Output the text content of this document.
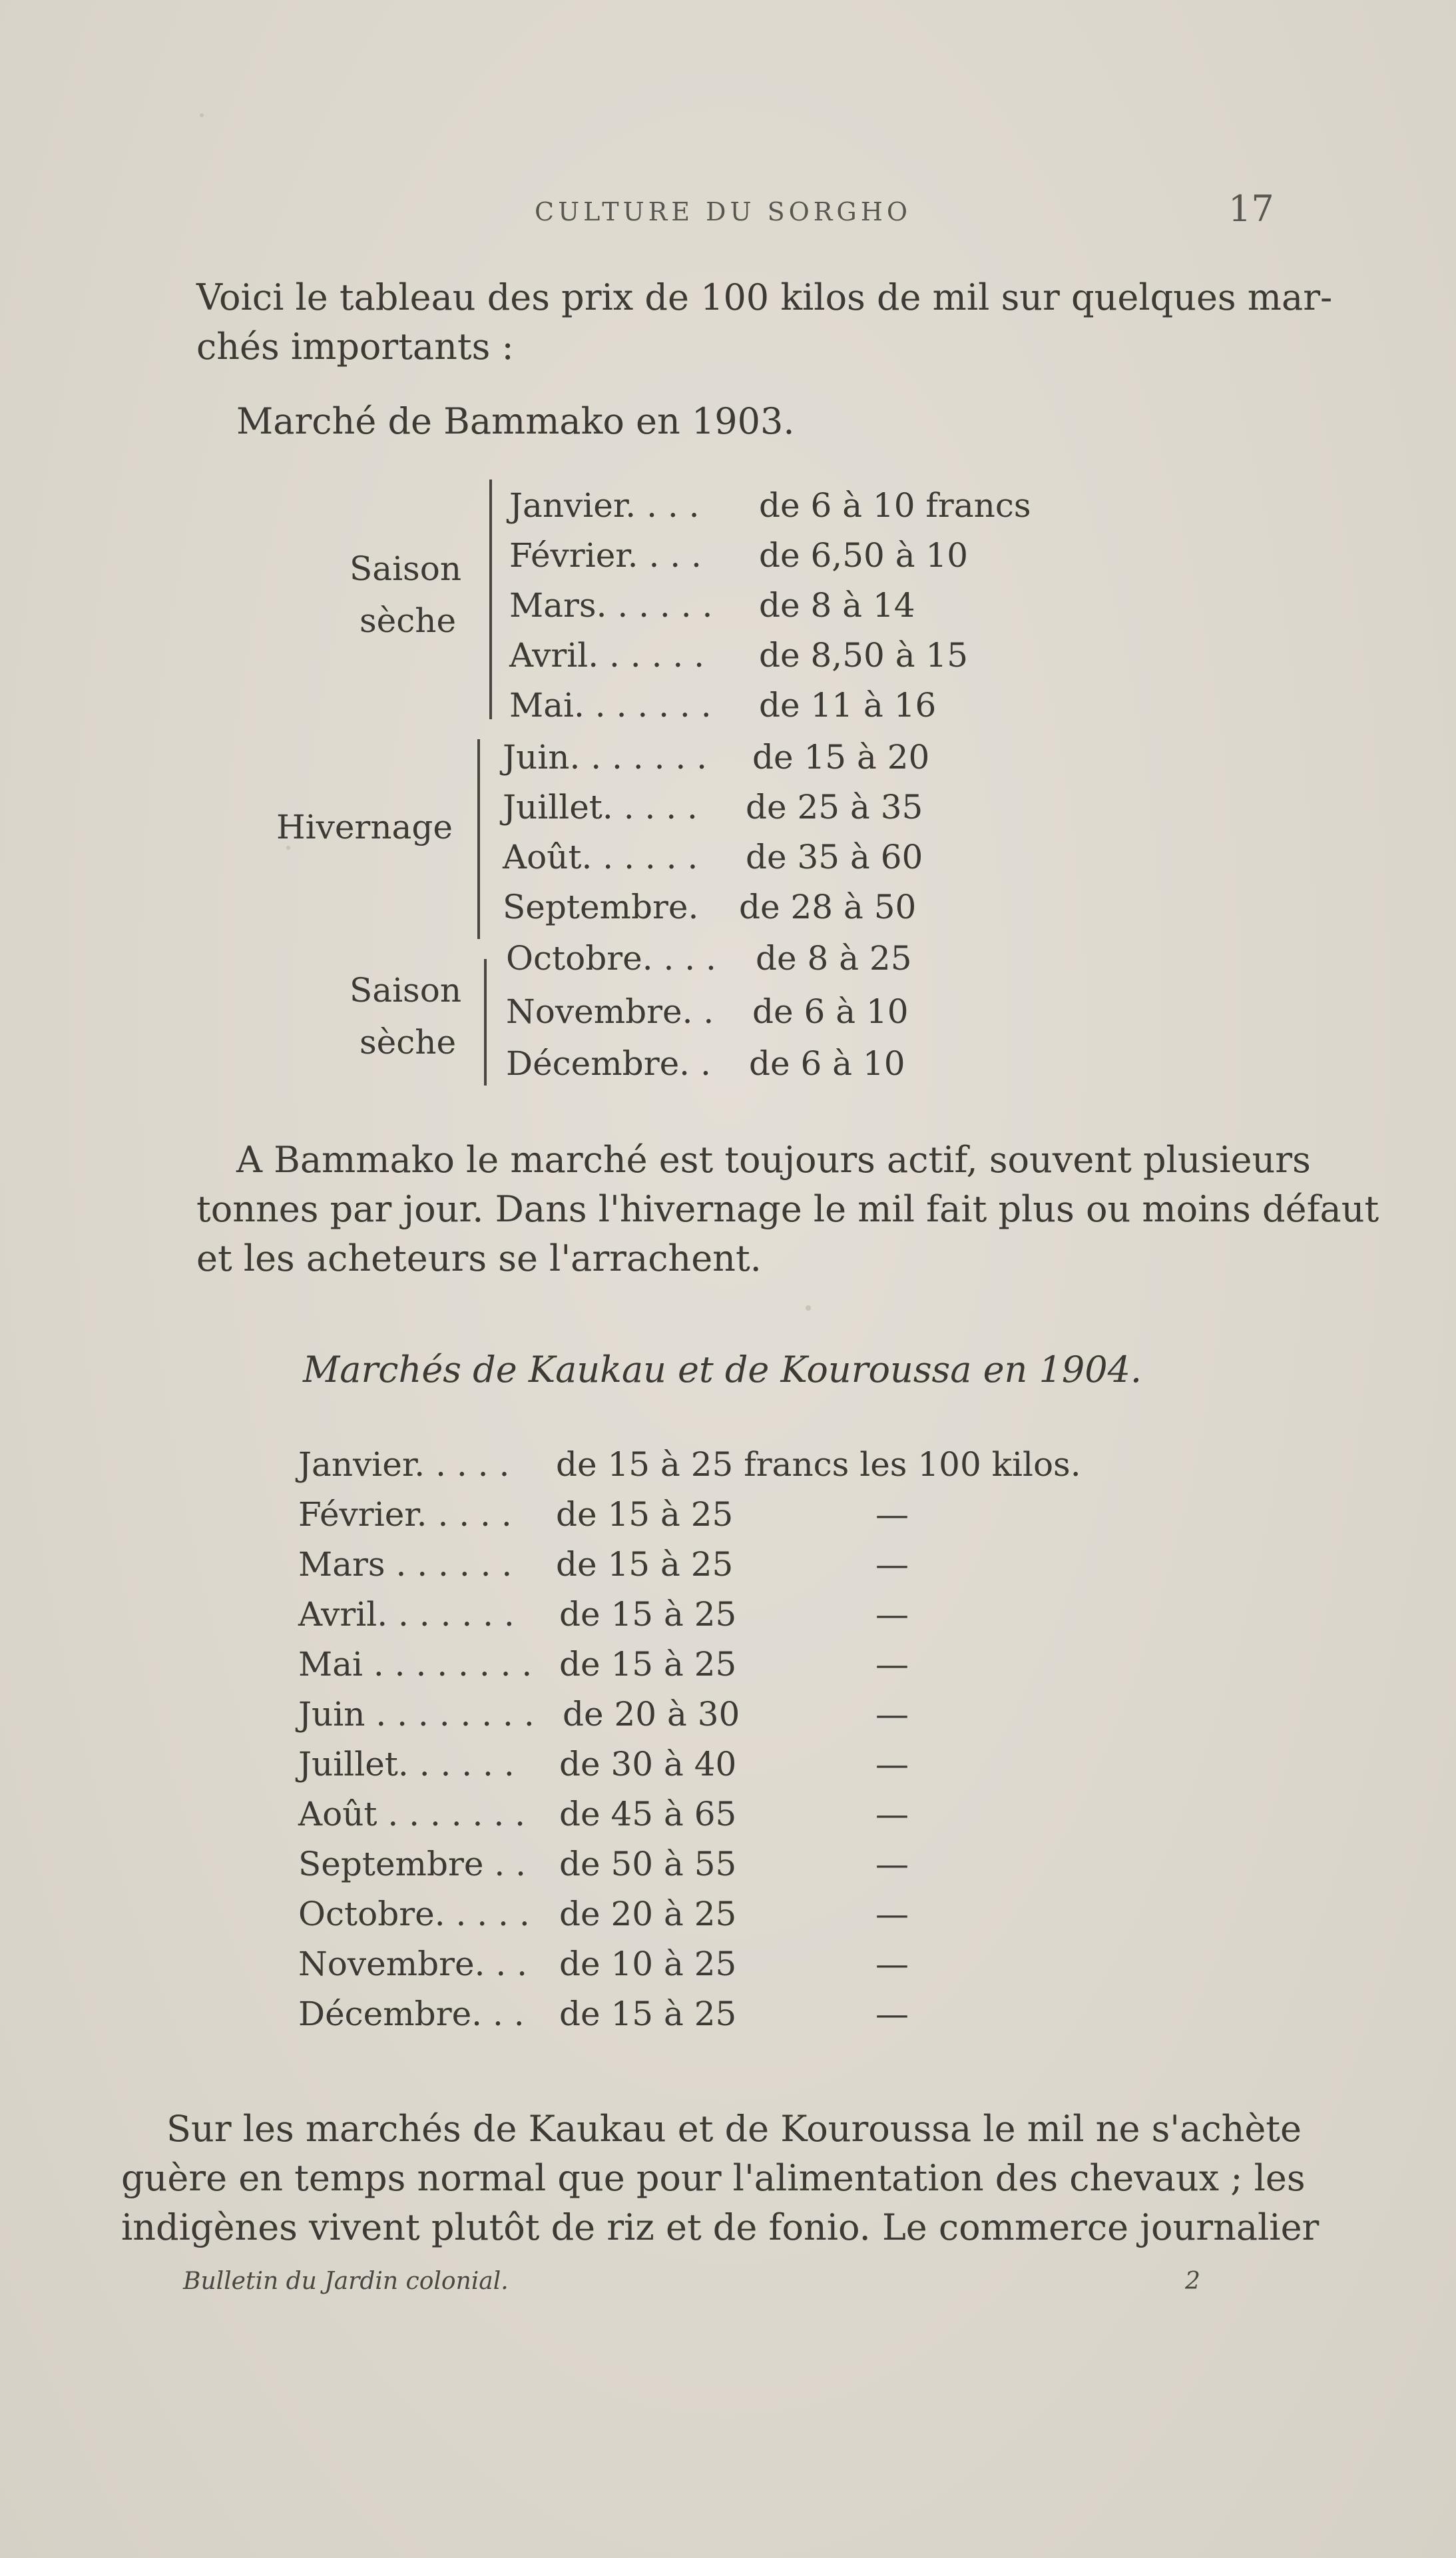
CULTURE DU SORGHO	17
Voici le tableau des prix de 100 kilos de mil sur quelques mar-
chés importants :
Marché de Bammako en 1903.
Saison
sèche
Hivernage
Saison
sèche
Janvier. . . .
Février. . . .
Mars. . . . . .
Avril. . . . . .
Mai. . . . . . .
Juin. . . . . . .
Juillet. . . . .
Août. . . . . .
Septembre.
Octobre. . . .
Novembre. .
Décembre. .
de 6 à 10 francs
de 6,50 à 10
de 8 à 14
de 8,50 à 15
de 11 à 16
de 15 à 20
de 25 à 35
de 35 à 60
de 28 à 50
de 8 à 25
de 6 à 10
de 6 à 10
A Bammako le marché est toujours actif, souvent plusieurs
tonnes par jour. Dans l'hivernage le mil fait plus ou moins défaut
et les acheteurs se l'arrachent.
Marchés de Kaukau et de Kouroussa en 1904.
Janvier. . . . .
Février. . . . .
Mars . . . . . .
Avril. . . . . . .
Mai . . . . . . . .
Juin . . . . . . . .
Juillet. . . . . .
Août . . . . . . .
Septembre . .
Octobre. . . . .
Novembre. . .
Décembre. . .
de 15 à 25 francs les 100 kilos.
de 15 à 25
de 15 à 25
de 15 à 25
de 15 à 25
de 20 à 30
de 30 à 40
de 45 à 65
de 50 à 55
de 20 à 25
de 10 à 25
de 15 à 25
—
—
—
—
—
—
—
—
—
—
—
Sur les marchés de Kaukau et de Kouroussa le mil ne s'achète
guère en temps normal que pour l'alimentation des chevaux ; les
indigènes vivent plutôt de riz et de fonio. Le commerce journalier
Bulletin du Jardin colonial.	2
